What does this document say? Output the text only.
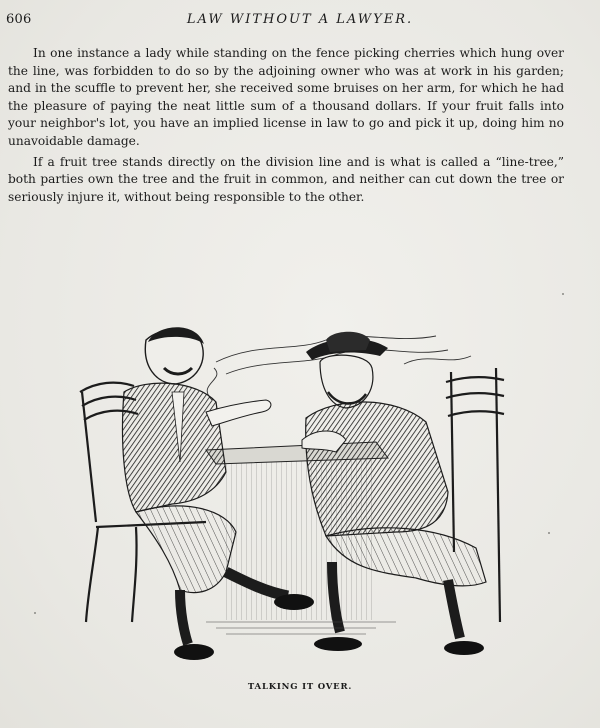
606	LAW WITHOUT A LAWYER.

In one instance a lady while standing on the fence picking cherries which hung over the line, was forbidden to do so by the adjoining owner who was at work in his garden; and in the scuffle to prevent her, she received some bruises on her arm, for which he had the pleasure of paying the neat little sum of a thousand dollars. If your fruit falls into your neighbor's lot, you have an implied license in law to go and pick it up, doing him no unavoidable damage.

If a fruit tree stands directly on the division line and is what is called a “line-tree,” both parties own the tree and the fruit in common, and neither can cut down the tree or seriously injure it, without being responsible to the other.

TALKING IT OVER.
